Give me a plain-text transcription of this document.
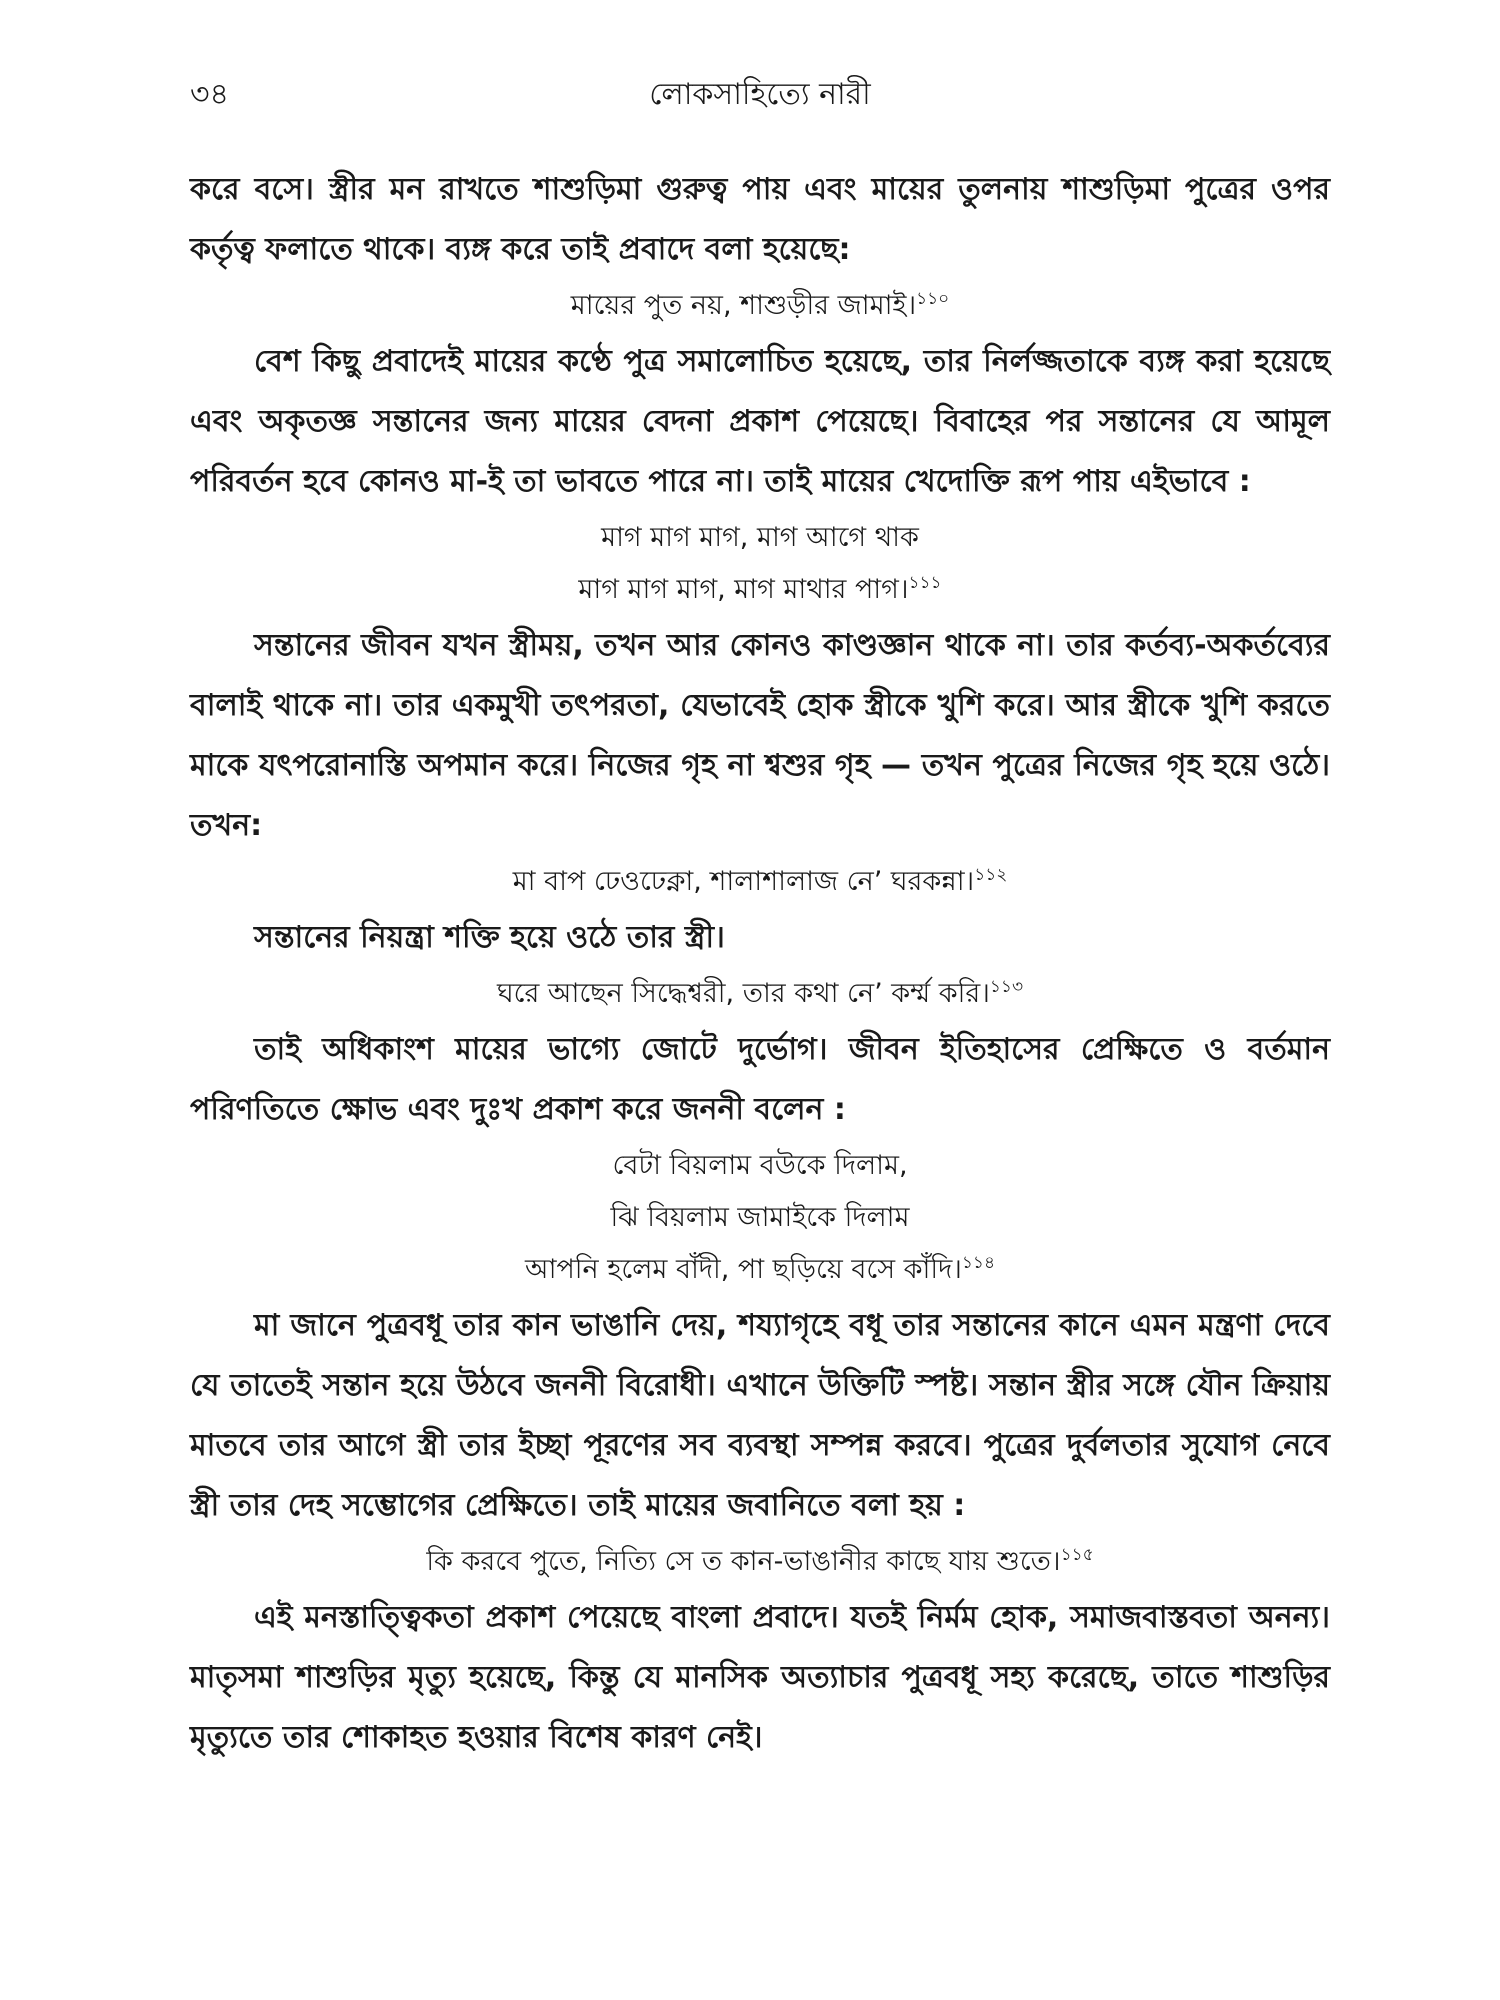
৩৪	লোকসাহিত্যে নারী

করে বসে। স্ত্রীর মন রাখতে শাশুড়িমা গুরুত্ব পায় এবং মায়ের তুলনায় শাশুড়িমা পুত্রের ওপর কর্তৃত্ব ফলাতে থাকে। ব্যঙ্গ করে তাই প্রবাদে বলা হয়েছে:

মায়ের পুত নয়, শাশুড়ীর জামাই।$^{১১০}$

বেশ কিছু প্রবাদেই মায়ের কণ্ঠে পুত্র সমালোচিত হয়েছে, তার নির্লজ্জতাকে ব্যঙ্গ করা হয়েছে এবং অকৃতজ্ঞ সন্তানের জন্য মায়ের বেদনা প্রকাশ পেয়েছে। বিবাহের পর সন্তানের যে আমূল পরিবর্তন হবে কোনও মা-ই তা ভাবতে পারে না। তাই মায়ের খেদোক্তি রূপ পায় এইভাবে :

মাগ মাগ মাগ, মাগ আগে থাক

মাগ মাগ মাগ, মাগ মাথার পাগ।$^{১১১}$

সন্তানের জীবন যখন স্ত্রীময়, তখন আর কোনও কাণ্ডজ্ঞান থাকে না। তার কর্তব্য-অকর্তব্যের বালাই থাকে না। তার একমুখী তৎপরতা, যেভাবেই হোক স্ত্রীকে খুশি করে। আর স্ত্রীকে খুশি করতে মাকে যৎপরোনাস্তি অপমান করে। নিজের গৃহ না শ্বশুর গৃহ — তখন পুত্রের নিজের গৃহ হয়ে ওঠে। তখন:

মা বাপ ঢেওঢেক্না, শালাশালাজ নে’ ঘরকন্না।$^{১১২}$

সন্তানের নিয়ন্ত্রা শক্তি হয়ে ওঠে তার স্ত্রী।

ঘরে আছেন সিদ্ধেশ্বরী, তার কথা নে’ কর্ম্ম করি।$^{১১৩}$

তাই অধিকাংশ মায়ের ভাগ্যে জোটে দুর্ভোগ। জীবন ইতিহাসের প্রেক্ষিতে ও বর্তমান পরিণতিতে ক্ষোভ এবং দুঃখ প্রকাশ করে জননী বলেন :

বেটা বিয়লাম বউকে দিলাম,

ঝি বিয়লাম জামাইকে দিলাম

আপনি হলেম বাঁদী, পা ছড়িয়ে বসে কাঁদি।$^{১১৪}$

মা জানে পুত্রবধূ তার কান ভাঙানি দেয়, শয্যাগৃহে বধূ তার সন্তানের কানে এমন মন্ত্রণা দেবে যে তাতেই সন্তান হয়ে উঠবে জননী বিরোধী। এখানে উক্তিটি স্পষ্ট। সন্তান স্ত্রীর সঙ্গে যৌন ক্রিয়ায় মাতবে তার আগে স্ত্রী তার ইচ্ছা পূরণের সব ব্যবস্থা সম্পন্ন করবে। পুত্রের দুর্বলতার সুযোগ নেবে স্ত্রী তার দেহ সম্ভোগের প্রেক্ষিতে। তাই মায়ের জবানিতে বলা হয় :

কি করবে পুতে, নিত্যি সে ত কান-ভাঙানীর কাছে যায় শুতে।$^{১১৫}$

এই মনস্তাত্ত্বিকতা প্রকাশ পেয়েছে বাংলা প্রবাদে। যতই নির্মম হোক, সমাজবাস্তবতা অনন্য। মাতৃসমা শাশুড়ির মৃত্যু হয়েছে, কিন্তু যে মানসিক অত্যাচার পুত্রবধূ সহ্য করেছে, তাতে শাশুড়ির মৃত্যুতে তার শোকাহত হওয়ার বিশেষ কারণ নেই।
